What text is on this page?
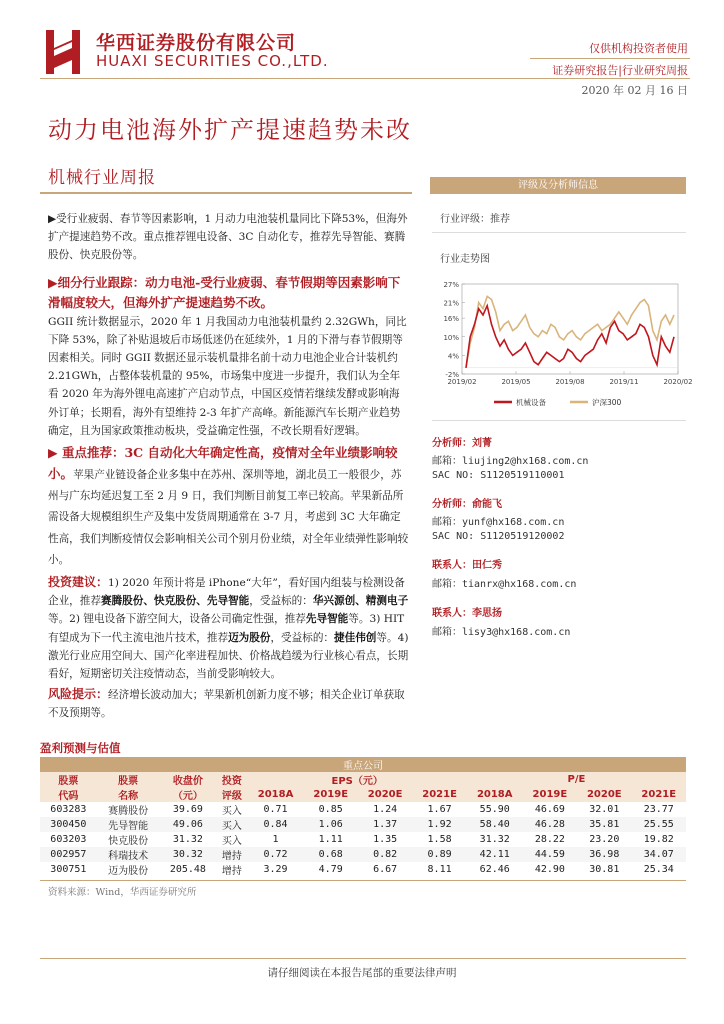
华西证券股份有限公司
HUAXI SECURITIES CO.,LTD.
仅供机构投资者使用
证券研究报告|行业研究周报
2020 年 02 月 16 日
动力电池海外扩产提速趋势未改
机械行业周报
▶受行业疲弱、春节等因素影响，1 月动力电池装机量同比下降53%，但海外扩产提速趋势不改。重点推荐锂电设备、3C 自动化专，推荐先导智能、赛腾股份、快克股份等。
▶细分行业跟踪：动力电池-受行业疲弱、春节假期等因素影响下滑幅度较大，但海外扩产提速趋势不改。
GGII 统计数据显示，2020 年 1 月我国动力电池装机量约 2.32GWh，同比下降 53%，除了补贴退坡后市场低迷仍在延续外，1 月的下滑与春节假期等因素相关。同时 GGII 数据还显示装机量排名前十动力电池企业合计装机约 2.21GWh，占整体装机量的 95%，市场集中度进一步提升，我们认为全年看 2020 年为海外锂电高速扩产启动节点，中国区疫情若继续发酵或影响海外订单；长期看，海外有望维持 2-3 年扩产高峰。新能源汽车长期产业趋势确定，且为国家政策推动板块，受益确定性强，不改长期看好逻辑。
▶ 重点推荐：3C 自动化大年确定性高，疫情对全年业绩影响较小。苹果产业链设备企业多集中在苏州、深圳等地，湖北员工一般很少，苏州与广东均延迟复工至 2 月 9 日，我们判断目前复工率已较高。苹果新品所需设备大规模组织生产及集中发货周期通常在 3-7 月，考虑到 3C 大年确定性高，我们判断疫情仅会影响相关公司个别月份业绩，对全年业绩弹性影响较小。
投资建议：1) 2020 年预计将是 iPhone“大年”，看好国内组装与检测设备企业，推荐赛腾股份、快克股份、先导智能，受益标的：华兴源创、精测电子等。2) 锂电设备下游空间大，设备公司确定性强，推荐先导智能等。3) HIT 有望成为下一代主流电池片技术，推荐迈为股份，受益标的：捷佳伟创等。4) 激光行业应用空间大、国产化率进程加快、价格战趋缓为行业核心看点，长期看好，短期密切关注疫情动态，当前受影响较大。
风险提示：经济增长波动加大；苹果新机创新力度不够；相关企业订单获取不及预期等。
评级及分析师信息
行业评级：推荐
行业走势图
-2%
4%
10%
16%
21%
27%
2019/02	2019/05	2019/08	2019/11	2020/02
机械设备	沪深300
分析师：刘菁
邮箱：liujing2@hx168.com.cn
SAC NO: S1120519110001
分析师：俞能飞
邮箱：yunf@hx168.com.cn
SAC NO: S1120519120002
联系人：田仁秀
邮箱：tianrx@hx168.com.cn
联系人：李思扬
邮箱：lisy3@hx168.com.cn
盈利预测与估值
重点公司											
股票	股票	收盘价	投资	EPS（元）				P/E			
代码	名称	（元）	评级	2018A	2019E	2020E	2021E	2018A	2019E	2020E	2021E
603283	赛腾股份	39.69	买入	0.71	0.85	1.24	1.67	55.90	46.69	32.01	23.77
300450	先导智能	49.06	买入	0.84	1.06	1.37	1.92	58.40	46.28	35.81	25.55
603203	快克股份	31.32	买入	1	1.11	1.35	1.58	31.32	28.22	23.20	19.82
002957	科瑞技术	30.32	增持	0.72	0.68	0.82	0.89	42.11	44.59	36.98	34.07
300751	迈为股份	205.48	增持	3.29	4.79	6.67	8.11	62.46	42.90	30.81	25.34
资料来源：Wind，华西证券研究所
请仔细阅读在本报告尾部的重要法律声明
